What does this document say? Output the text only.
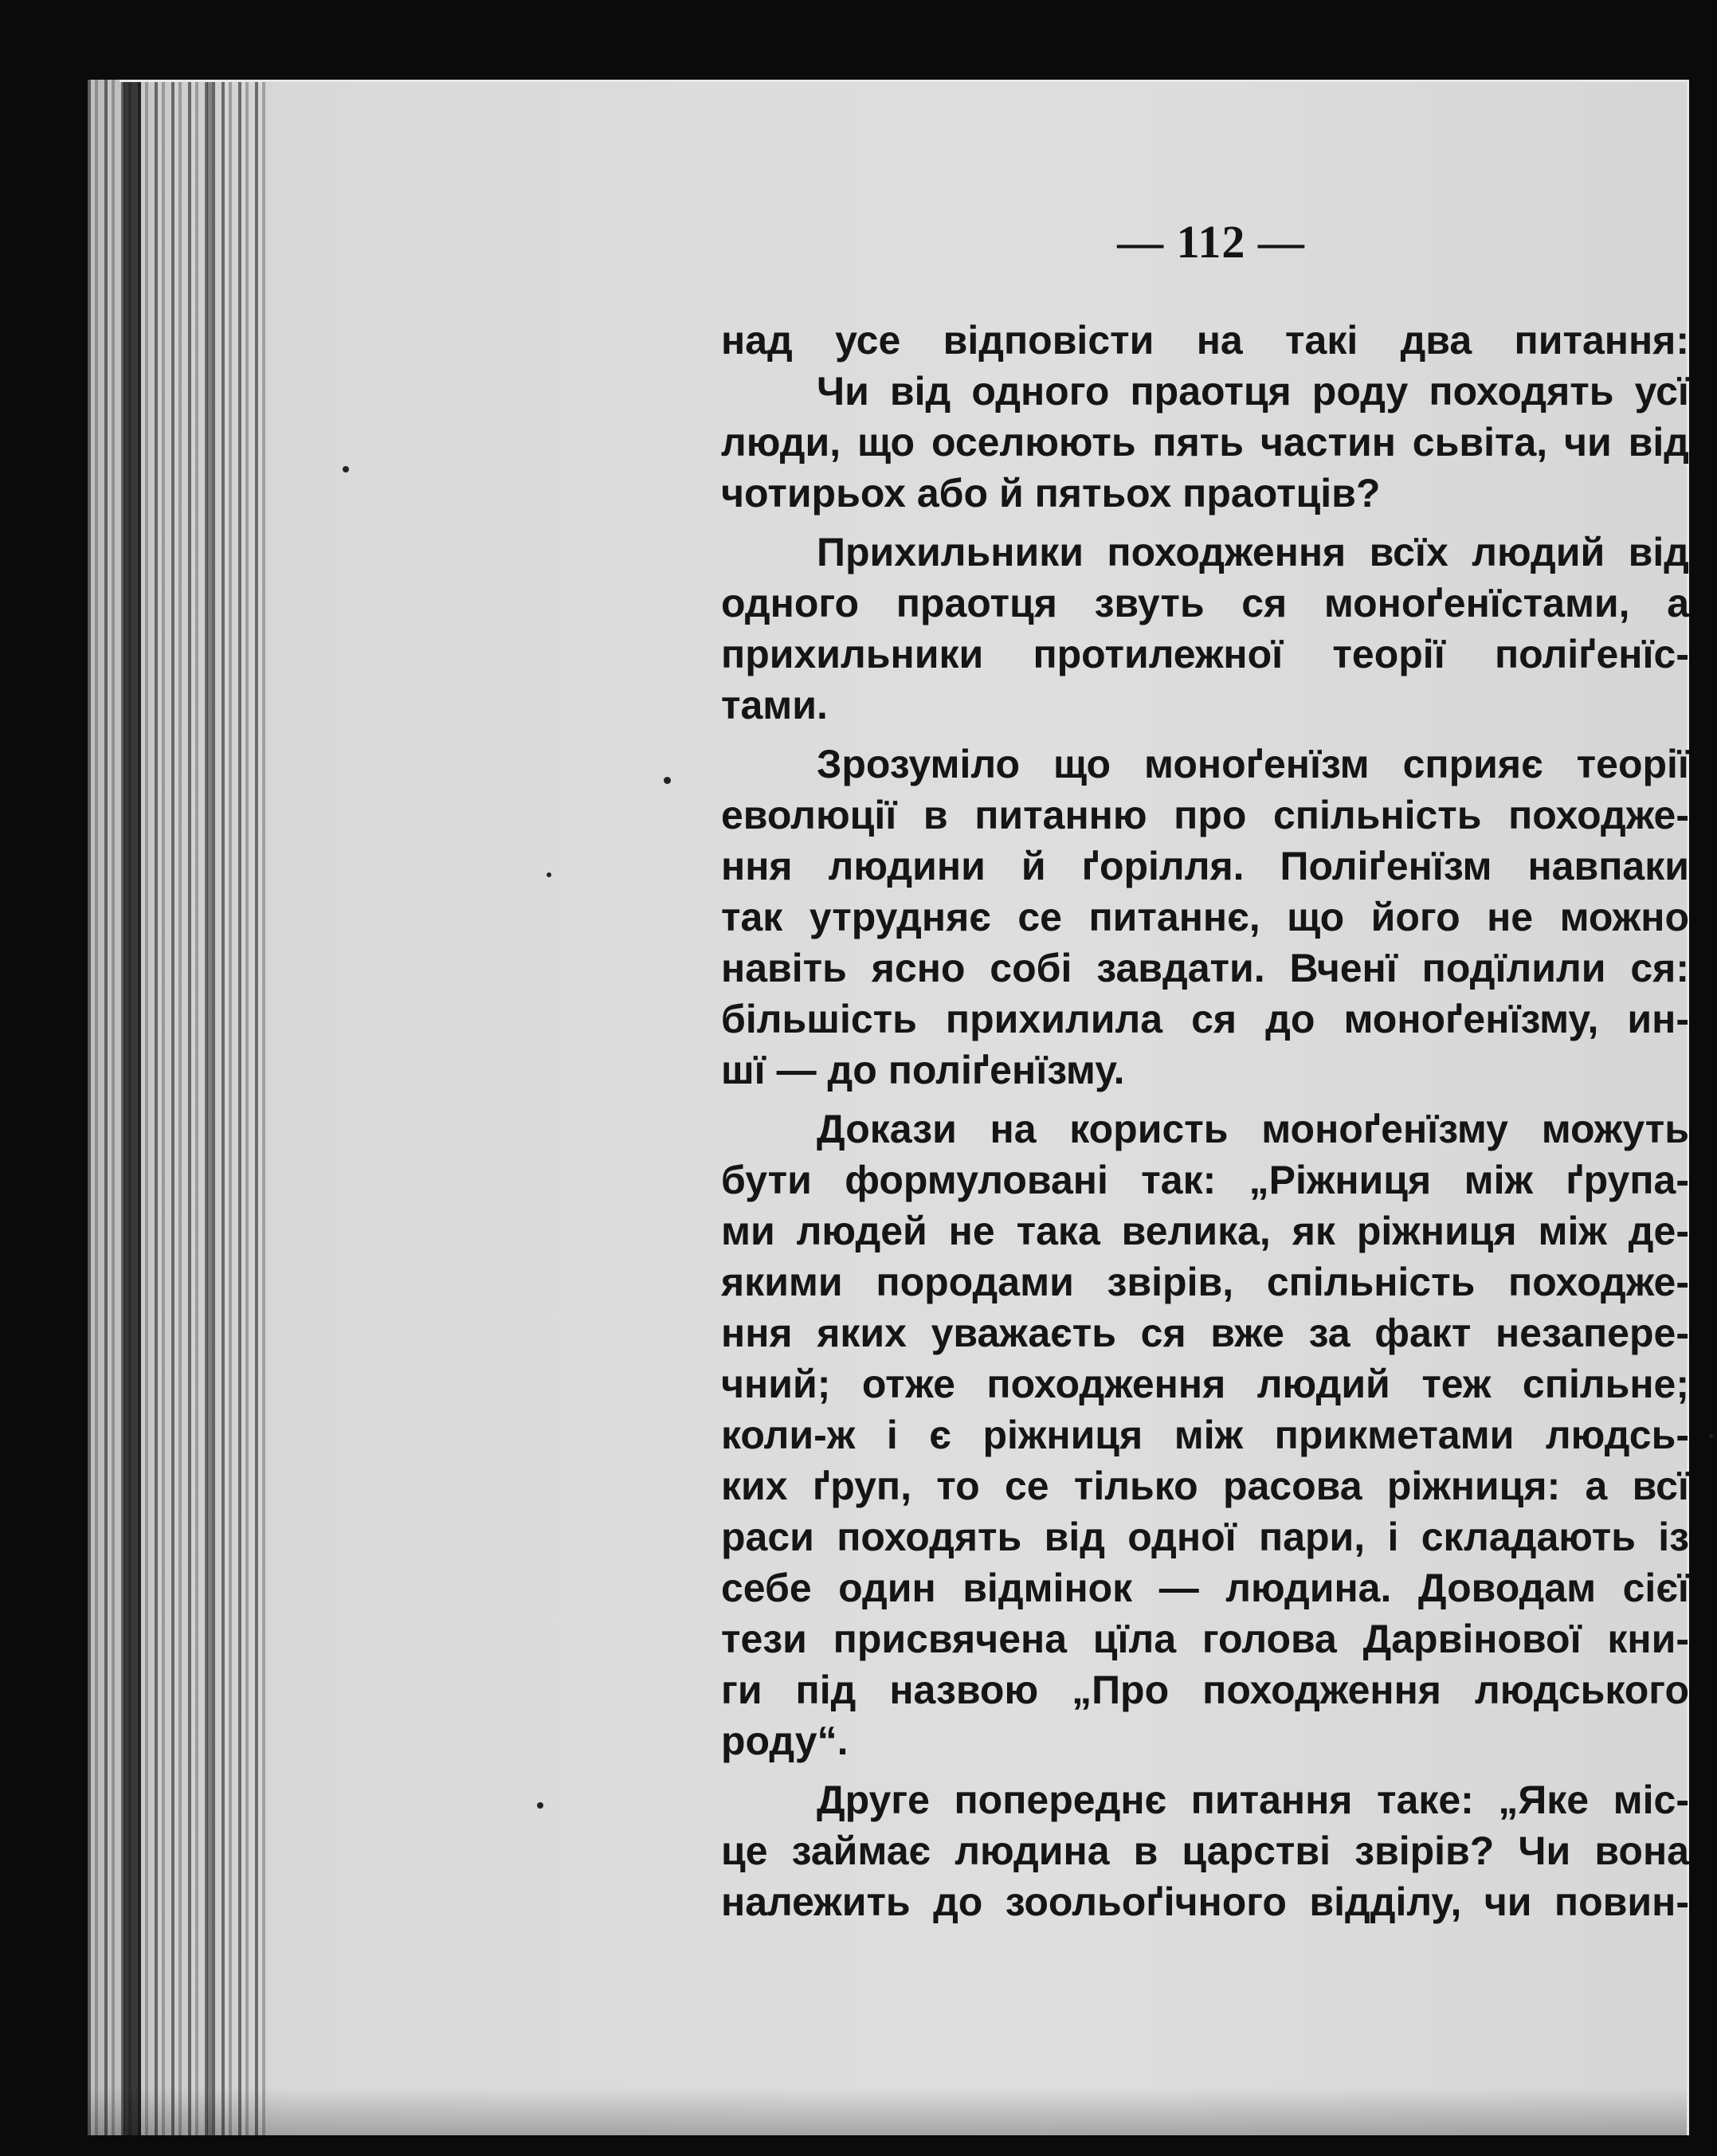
— 112 —
над усе відповісти на такі два питання:
Чи від одного праотця роду походять усї
люди, що оселюють пять частин сьвіта, чи від
чотирьох або й пятьох праотців?
Прихильники походження всїх людий від
одного праотця звуть ся моноґенїстами, а
прихильники протилежної теорії поліґенїс-
тами.
Зрозуміло що моноґенїзм сприяє теорії
еволюції в питанню про спільність походже-
ння людини й ґорілля. Поліґенїзм навпаки
так утрудняє се питаннє, що його не можно
навіть ясно собі завдати. Вченї подїлили ся:
більшість прихилила ся до моноґенїзму, ин-
шї — до поліґенїзму.
Докази на користь моноґенїзму можуть
бути формуловані так: „Ріжниця між ґрупа-
ми людей не така велика, як ріжниця між де-
якими породами звірів, спільність походже-
ння яких уважаєть ся вже за факт незапере-
чний; отже походження людий теж спільне;
коли-ж і є ріжниця між прикметами людсь-
ких ґруп, то се тілько расова ріжниця: а всї
раси походять від одної пари, і складають із
себе один відмінок — людина. Доводам сієї
тези присвячена цїла голова Дарвінової кни-
ги під назвою „Про походження людського
роду“.
Друге попереднє питання таке: „Яке міс-
це займає людина в царстві звірів? Чи вона
належить до зоольоґічного відділу, чи повин-
